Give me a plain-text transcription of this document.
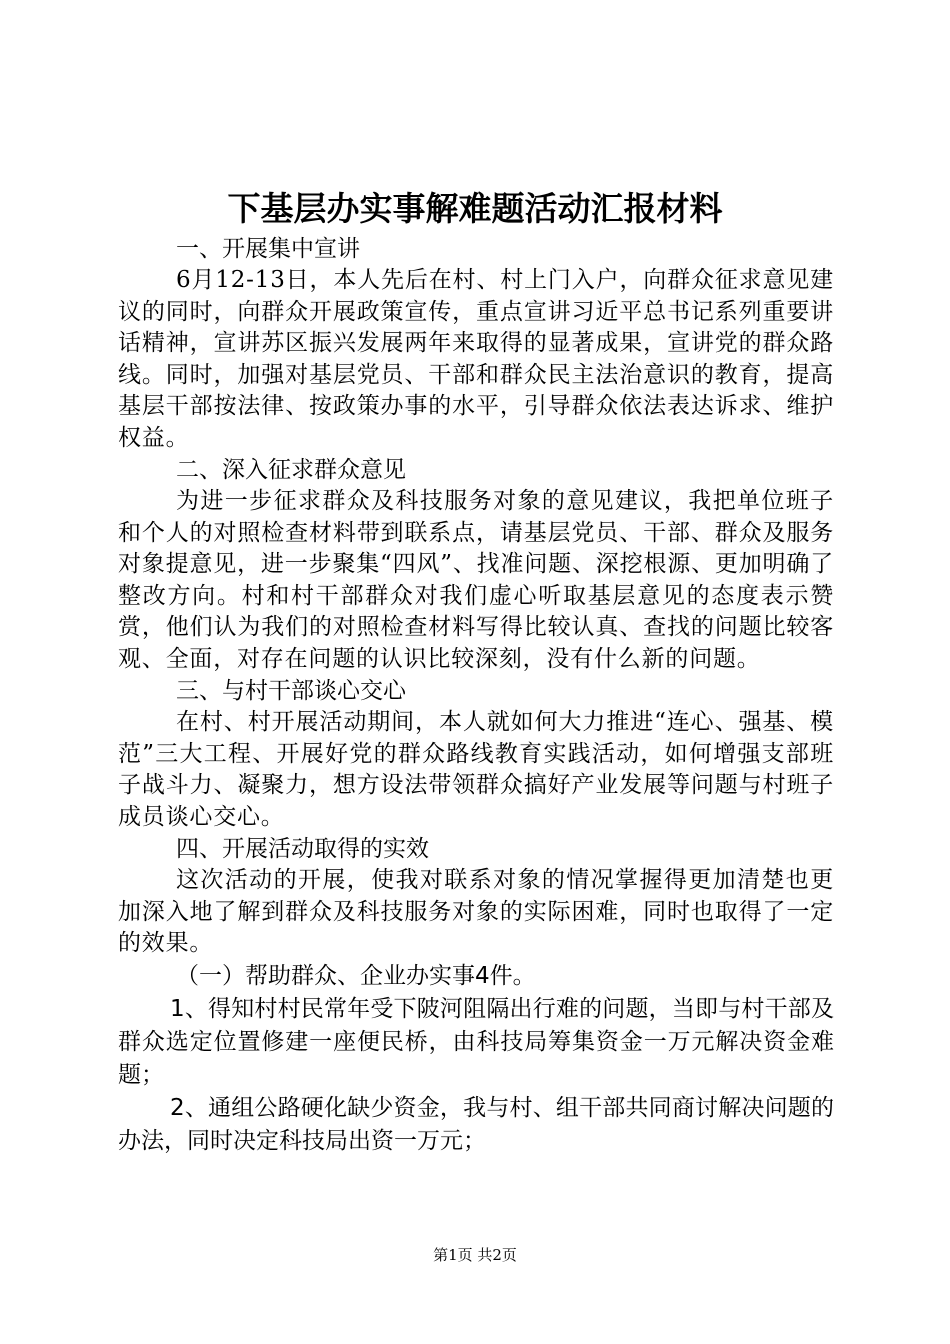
下基层办实事解难题活动汇报材料

一、开展集中宣讲

6月12-13日，本人先后在村、村上门入户，向群众征求意见建议的同时，向群众开展政策宣传，重点宣讲习近平总书记系列重要讲话精神，宣讲苏区振兴发展两年来取得的显著成果，宣讲党的群众路线。同时，加强对基层党员、干部和群众民主法治意识的教育，提高基层干部按法律、按政策办事的水平，引导群众依法表达诉求、维护权益。

二、深入征求群众意见

为进一步征求群众及科技服务对象的意见建议，我把单位班子和个人的对照检查材料带到联系点，请基层党员、干部、群众及服务对象提意见，进一步聚集“四风”、找准问题、深挖根源、更加明确了整改方向。村和村干部群众对我们虚心听取基层意见的态度表示赞赏，他们认为我们的对照检查材料写得比较认真、查找的问题比较客观、全面，对存在问题的认识比较深刻，没有什么新的问题。

三、与村干部谈心交心

在村、村开展活动期间，本人就如何大力推进“连心、强基、模范”三大工程、开展好党的群众路线教育实践活动，如何增强支部班子战斗力、凝聚力，想方设法带领群众搞好产业发展等问题与村班子成员谈心交心。

四、开展活动取得的实效

这次活动的开展，使我对联系对象的情况掌握得更加清楚也更加深入地了解到群众及科技服务对象的实际困难，同时也取得了一定的效果。

（一）帮助群众、企业办实事4件。

1、得知村村民常年受下陂河阻隔出行难的问题，当即与村干部及群众选定位置修建一座便民桥，由科技局筹集资金一万元解决资金难题；

2、通组公路硬化缺少资金，我与村、组干部共同商讨解决问题的办法，同时决定科技局出资一万元；

第1页 共2页
